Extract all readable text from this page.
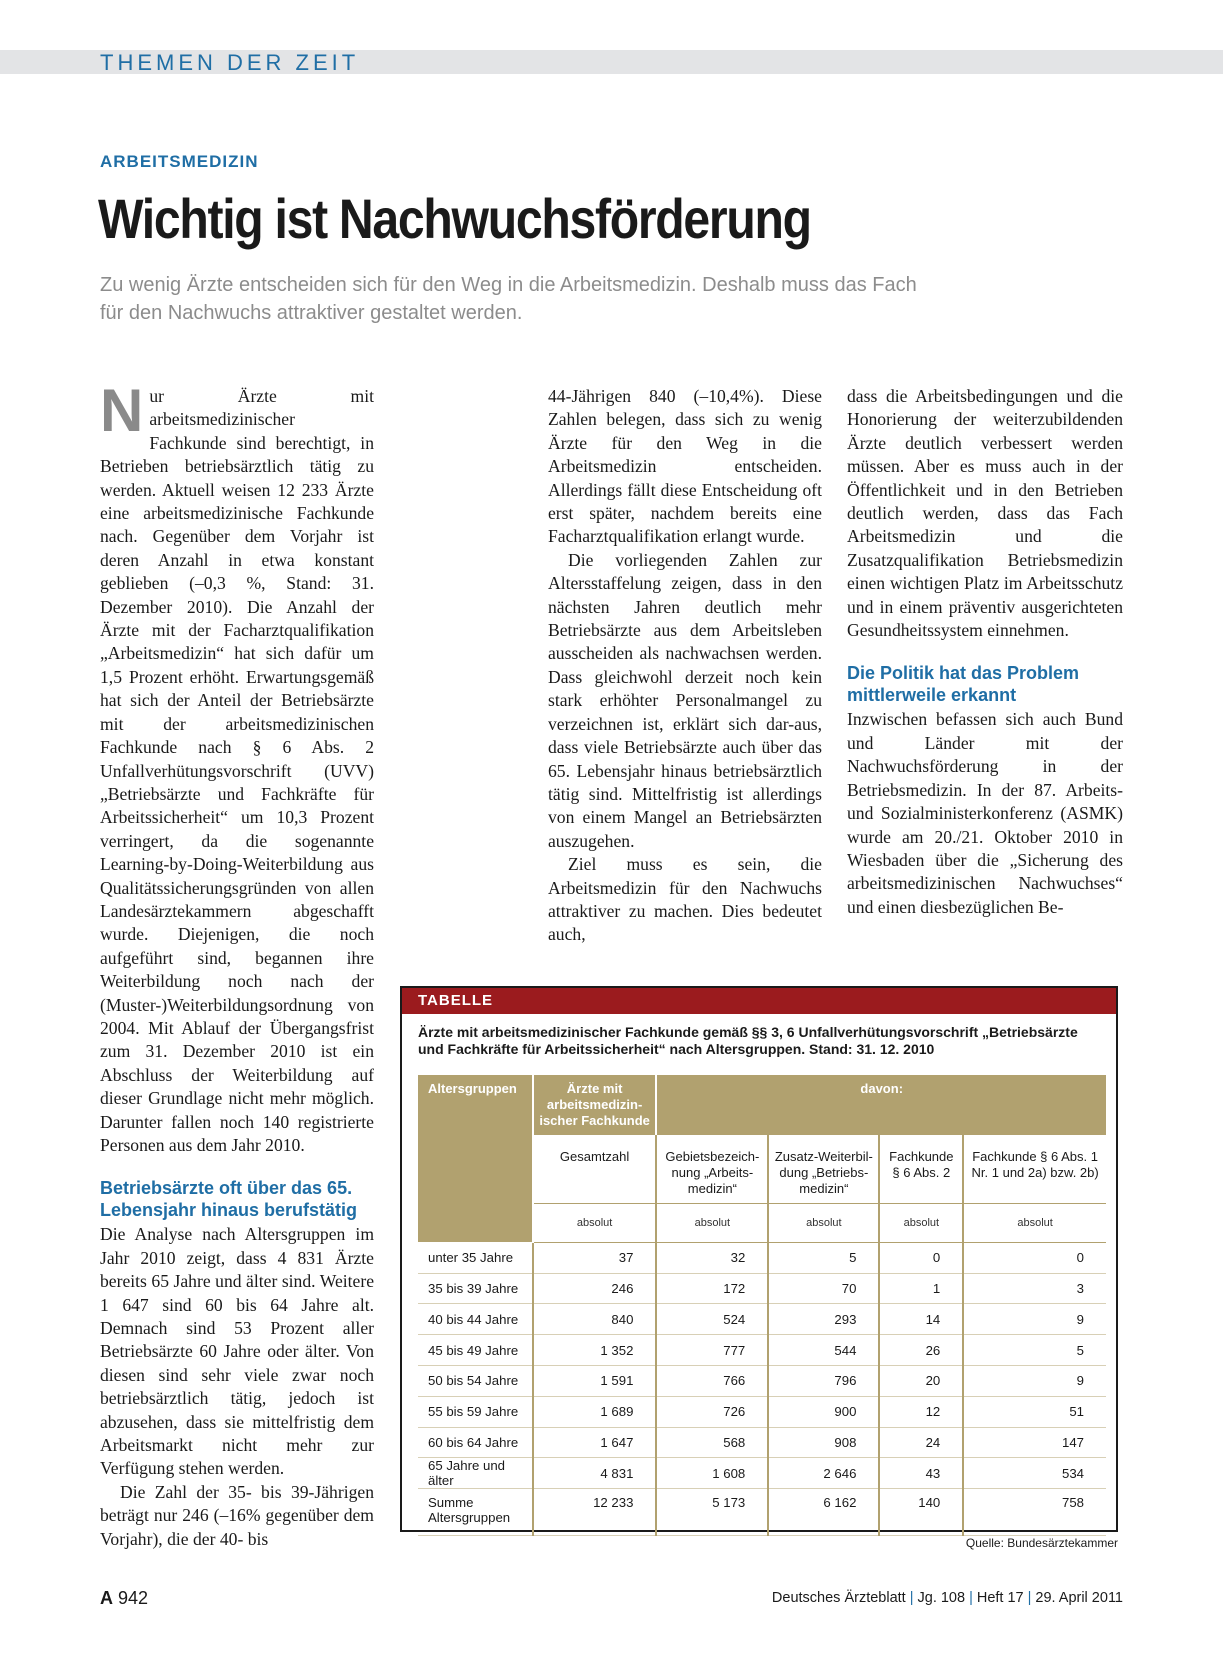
THEMEN DER ZEIT
ARBEITSMEDIZIN
Wichtig ist Nachwuchsförderung
Zu wenig Ärzte entscheiden sich für den Weg in die Arbeitsmedizin. Deshalb muss das Fach für den Nachwuchs attraktiver gestaltet werden.

Nur Ärzte mit arbeitsmedizinischer Fachkunde sind berechtigt, in Betrieben betriebsärztlich tätig zu werden. Aktuell weisen 12 233 Ärzte eine arbeitsmedizinische Fachkunde nach. Gegenüber dem Vorjahr ist deren Anzahl in etwa konstant geblieben (–0,3 %, Stand: 31. Dezember 2010). Die Anzahl der Ärzte mit der Facharztqualifikation „Arbeitsmedizin“ hat sich dafür um 1,5 Prozent erhöht. Erwartungsgemäß hat sich der Anteil der Betriebsärzte mit der arbeitsmedizinischen Fachkunde nach § 6 Abs. 2 Unfallverhütungsvorschrift (UVV) „Betriebsärzte und Fachkräfte für Arbeitssicherheit“ um 10,3 Prozent verringert, da die sogenannte Learning-by-Doing-Weiterbildung aus Qualitätssicherungsgründen von allen Landesärztekammern abgeschafft wurde. Diejenigen, die noch aufgeführt sind, begannen ihre Weiterbildung noch nach der (Muster-)Weiterbildungsordnung von 2004. Mit Ablauf der Übergangsfrist zum 31. Dezember 2010 ist ein Abschluss der Weiterbildung auf dieser Grundlage nicht mehr möglich. Darunter fallen noch 140 registrierte Personen aus dem Jahr 2010.

Betriebsärzte oft über das 65. Lebensjahr hinaus berufstätig

Die Analyse nach Altersgruppen im Jahr 2010 zeigt, dass 4 831 Ärzte bereits 65 Jahre und älter sind. Weitere 1 647 sind 60 bis 64 Jahre alt. Demnach sind 53 Prozent aller Betriebsärzte 60 Jahre oder älter. Von diesen sind sehr viele zwar noch betriebsärztlich tätig, jedoch ist abzusehen, dass sie mittelfristig dem Arbeitsmarkt nicht mehr zur Verfügung stehen werden.

Die Zahl der 35- bis 39-Jährigen beträgt nur 246 (–16% gegenüber dem Vorjahr), die der 40- bis

44-Jährigen 840 (–10,4%). Diese Zahlen belegen, dass sich zu wenig Ärzte für den Weg in die Arbeitsmedizin entscheiden. Allerdings fällt diese Entscheidung oft erst später, nachdem bereits eine Facharztqualifikation erlangt wurde.

Die vorliegenden Zahlen zur Altersstaffelung zeigen, dass in den nächsten Jahren deutlich mehr Betriebsärzte aus dem Arbeitsleben ausscheiden als nachwachsen werden. Dass gleichwohl derzeit noch kein stark erhöhter Personalmangel zu verzeichnen ist, erklärt sich dar-aus, dass viele Betriebsärzte auch über das 65. Lebensjahr hinaus betriebsärztlich tätig sind. Mittelfristig ist allerdings von einem Mangel an Betriebsärzten auszugehen.

Ziel muss es sein, die Arbeitsmedizin für den Nachwuchs attraktiver zu machen. Dies bedeutet auch,

dass die Arbeitsbedingungen und die Honorierung der weiterzubildenden Ärzte deutlich verbessert werden müssen. Aber es muss auch in der Öffentlichkeit und in den Betrieben deutlich werden, dass das Fach Arbeitsmedizin und die Zusatzqualifikation Betriebsmedizin einen wichtigen Platz im Arbeitsschutz und in einem präventiv ausgerichteten Gesundheitssystem einnehmen.

Die Politik hat das Problem mittlerweile erkannt

Inzwischen befassen sich auch Bund und Länder mit der Nachwuchsförderung in der Betriebsmedizin. In der 87. Arbeits- und Sozialministerkonferenz (ASMK) wurde am 20./21. Oktober 2010 in Wiesbaden über die „Sicherung des arbeitsmedizinischen Nachwuchses“ und einen diesbezüglichen Be-

TABELLE
Ärzte mit arbeitsmedizinischer Fachkunde gemäß §§ 3, 6 Unfallverhütungsvorschrift „Betriebsärzte und Fachkräfte für Arbeitssicherheit“ nach Altersgruppen. Stand: 31. 12. 2010
Altersgruppen	Ärzte mit arbeitsmedizin-ischer Fachkunde	davon:			
	Gesamtzahl	Gebietsbezeich-nung „Arbeits-medizin“	Zusatz-Weiterbil-dung „Betriebs-medizin“	Fachkunde § 6 Abs. 2	Fachkunde § 6 Abs. 1 Nr. 1 und 2a) bzw. 2b)
	absolut	absolut	absolut	absolut	absolut
unter 35 Jahre	37	32	5	0	0
35 bis 39 Jahre	246	172	70	1	3
40 bis 44 Jahre	840	524	293	14	9
45 bis 49 Jahre	1 352	777	544	26	5
50 bis 54 Jahre	1 591	766	796	20	9
55 bis 59 Jahre	1 689	726	900	12	51
60 bis 64 Jahre	1 647	568	908	24	147
65 Jahre und älter	4 831	1 608	2 646	43	534
Summe Altersgruppen	12 233	5 173	6 162	140	758
Quelle: Bundesärztekammer
A 942	Deutsches Ärzteblatt | Jg. 108 | Heft 17 | 29. April 2011
